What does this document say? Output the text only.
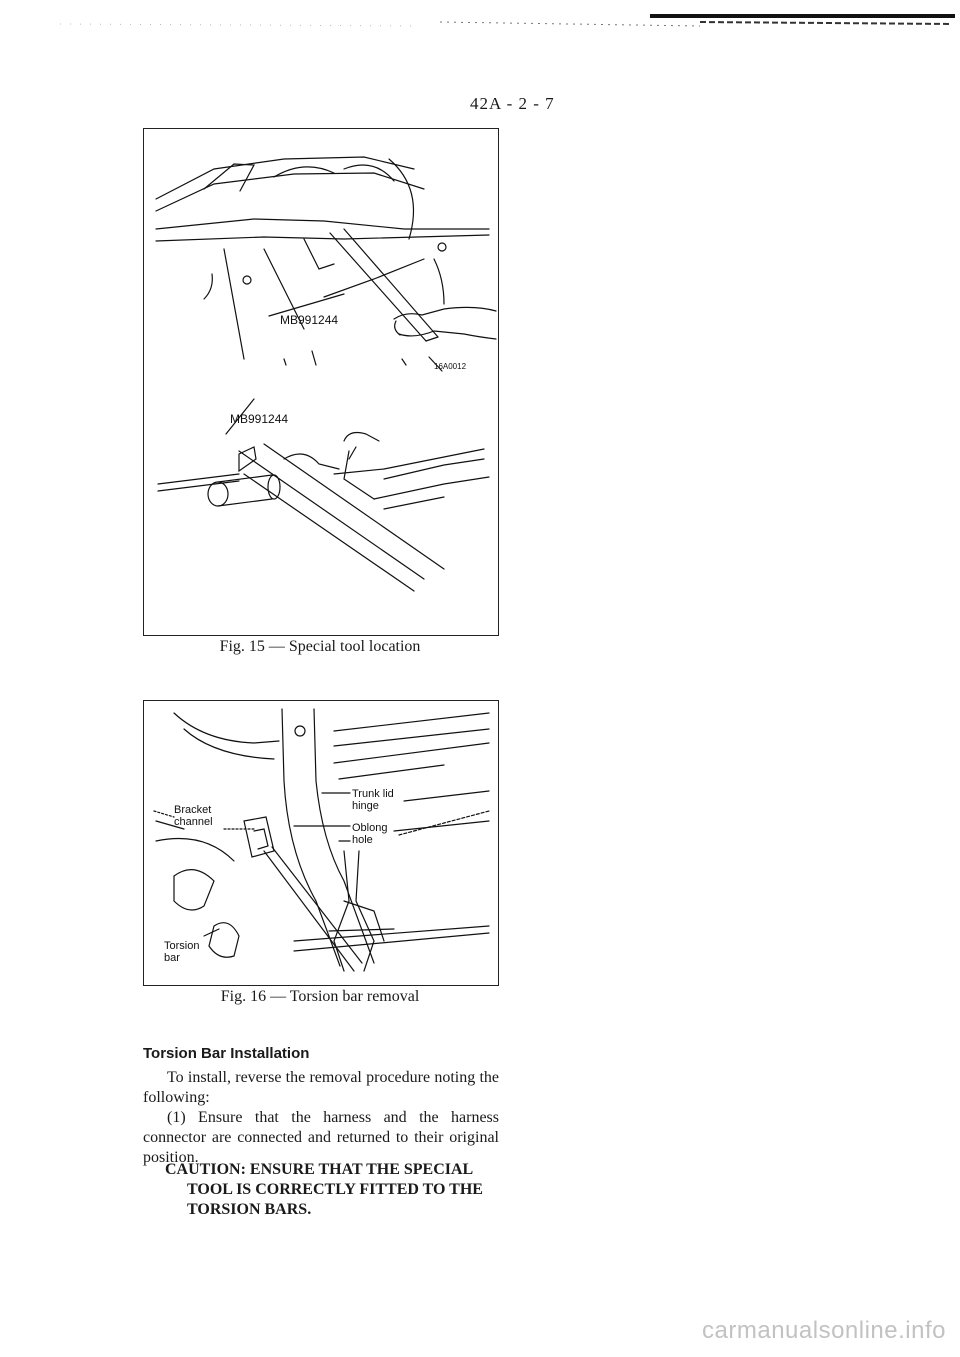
42A - 2 - 7
MB991244
16A0012
MB991244
Fig. 15 — Special tool location
Bracket channel
Trunk lid hinge
Oblong hole
Torsion bar
Fig. 16 — Torsion bar removal
Torsion Bar Installation

To install, reverse the removal procedure noting the following:

(1) Ensure that the harness and the harness connector are connected and returned to their original position.

CAUTION: ENSURE THAT THE SPECIAL
TOOL IS CORRECTLY FITTED TO THE
TORSION BARS.
carmanualsonline.info
